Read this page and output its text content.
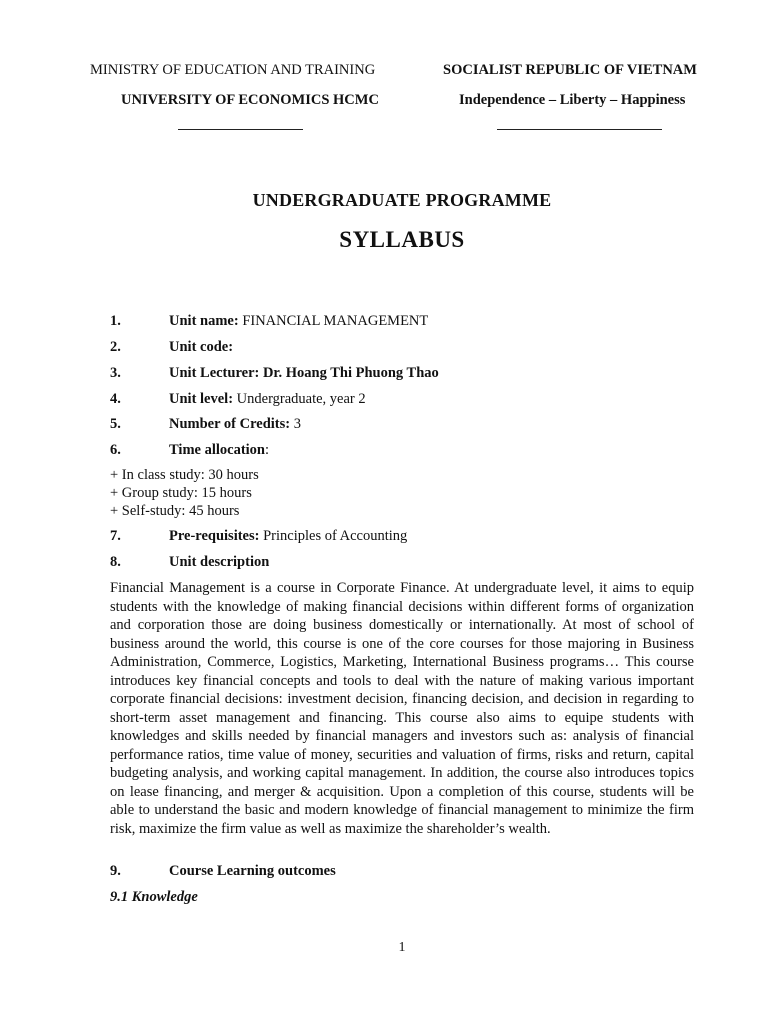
MINISTRY OF EDUCATION AND TRAINING
UNIVERSITY OF ECONOMICS HCMC
SOCIALIST REPUBLIC OF VIETNAM
Independence – Liberty – Happiness
UNDERGRADUATE PROGRAMME
SYLLABUS
1.	Unit name: FINANCIAL MANAGEMENT
2.	Unit code:
3.	Unit Lecturer: Dr. Hoang Thi Phuong Thao
4.	Unit level: Undergraduate, year 2
5.	Number of Credits: 3
6.	Time allocation:
+ In class study: 30 hours
+ Group study: 15 hours
+ Self-study: 45 hours
7.	Pre-requisites: Principles of Accounting
8.	Unit description
Financial Management is a course in Corporate Finance. At undergraduate level, it aims to equip students with the knowledge of making financial decisions within different forms of organization and corporation those are doing business domestically or internationally. At most of school of business around the world, this course is one of the core courses for those majoring in Business Administration, Commerce, Logistics, Marketing, International Business programs… This course introduces key financial concepts and tools to deal with the nature of making various important corporate financial decisions: investment decision, financing decision, and decision in regarding to short-term asset management and financing. This course also aims to equipe students with knowledges and skills needed by financial managers and investors such as: analysis of financial performance ratios, time value of money, securities and valuation of firms, risks and return, capital budgeting analysis, and working capital management. In addition, the course also introduces topics on lease financing, and merger & acquisition. Upon a completion of this course, students will be able to understand the basic and modern knowledge of financial management to minimize the firm risk, maximize the firm value as well as maximize the shareholder’s wealth.
9.	Course Learning outcomes
9.1 Knowledge
1
